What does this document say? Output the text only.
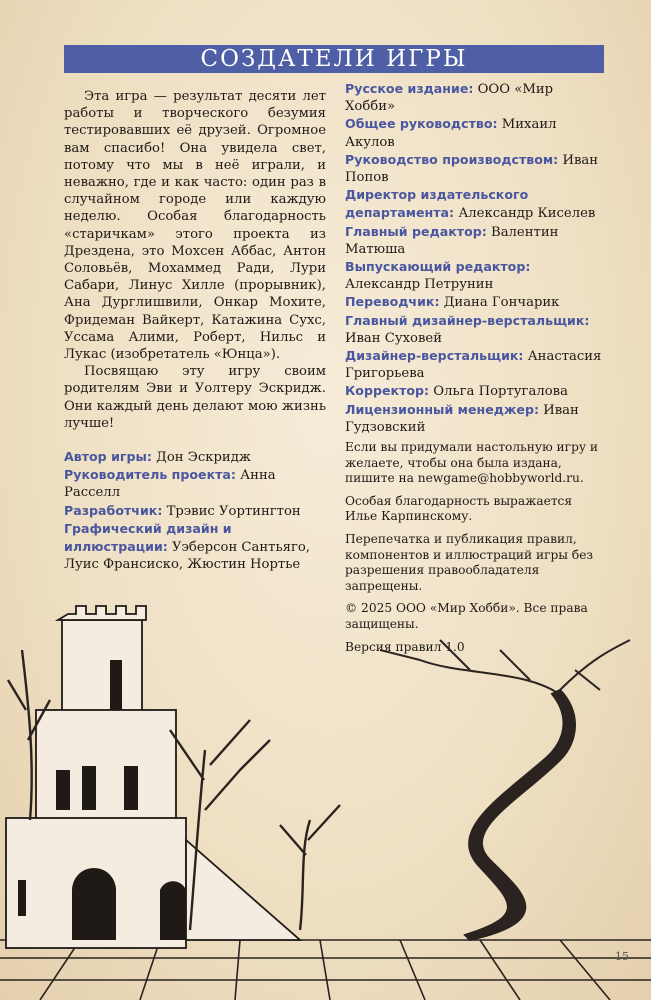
СОЗДАТЕЛИ ИГРЫ

Эта игра — результат десяти лет работы и творческого безумия тестировавших её друзей. Огромное вам спасибо! Она увидела свет, потому что мы в неё играли, и неважно, где и как часто: один раз в случайном городе или каждую неделю. Особая благодарность «старичкам» этого проекта из Дрездена, это Мохсен Аббас, Антон Соловьёв, Мохаммед Ради, Лури Сабари, Линус Хилле (прорывник), Ана Дурглишвили, Онкар Мохите, Фридеман Вайкерт, Катажина Сухс, Уссама Алими, Роберт, Нильс и Лукас (изобретатель «Юнца»).

Посвящаю эту игру своим родителям Эви и Уолтеру Эскридж. Они каждый день делают мою жизнь лучше!

Автор игры: Дон Эскридж

Руководитель проекта: Анна Расселл

Разработчик: Трэвис Уортингтон

Графический дизайн и иллюстрации: Уэберсон Сантьяго, Луис Франсиско, Жюстин Нортье

Русское издание: ООО «Мир Хобби»

Общее руководство: Михаил Акулов

Руководство производством: Иван Попов

Директор издательского департамента: Александр Киселев

Главный редактор: Валентин Матюша

Выпускающий редактор: Александр Петрунин

Переводчик: Диана Гончарик

Главный дизайнер-верстальщик: Иван Суховей

Дизайнер-верстальщик: Анастасия Григорьева

Корректор: Ольга Португалова

Лицензионный менеджер: Иван Гудзовский

Если вы придумали настольную игру и желаете, чтобы она была издана, пишите на newgame@hobbyworld.ru.

Особая благодарность выражается Илье Карпинскому.

Перепечатка и публикация правил, компонентов и иллюстраций игры без разрешения правообладателя запрещены.

© 2025 ООО «Мир Хобби». Все права защищены.

Версия правил 1.0

15
